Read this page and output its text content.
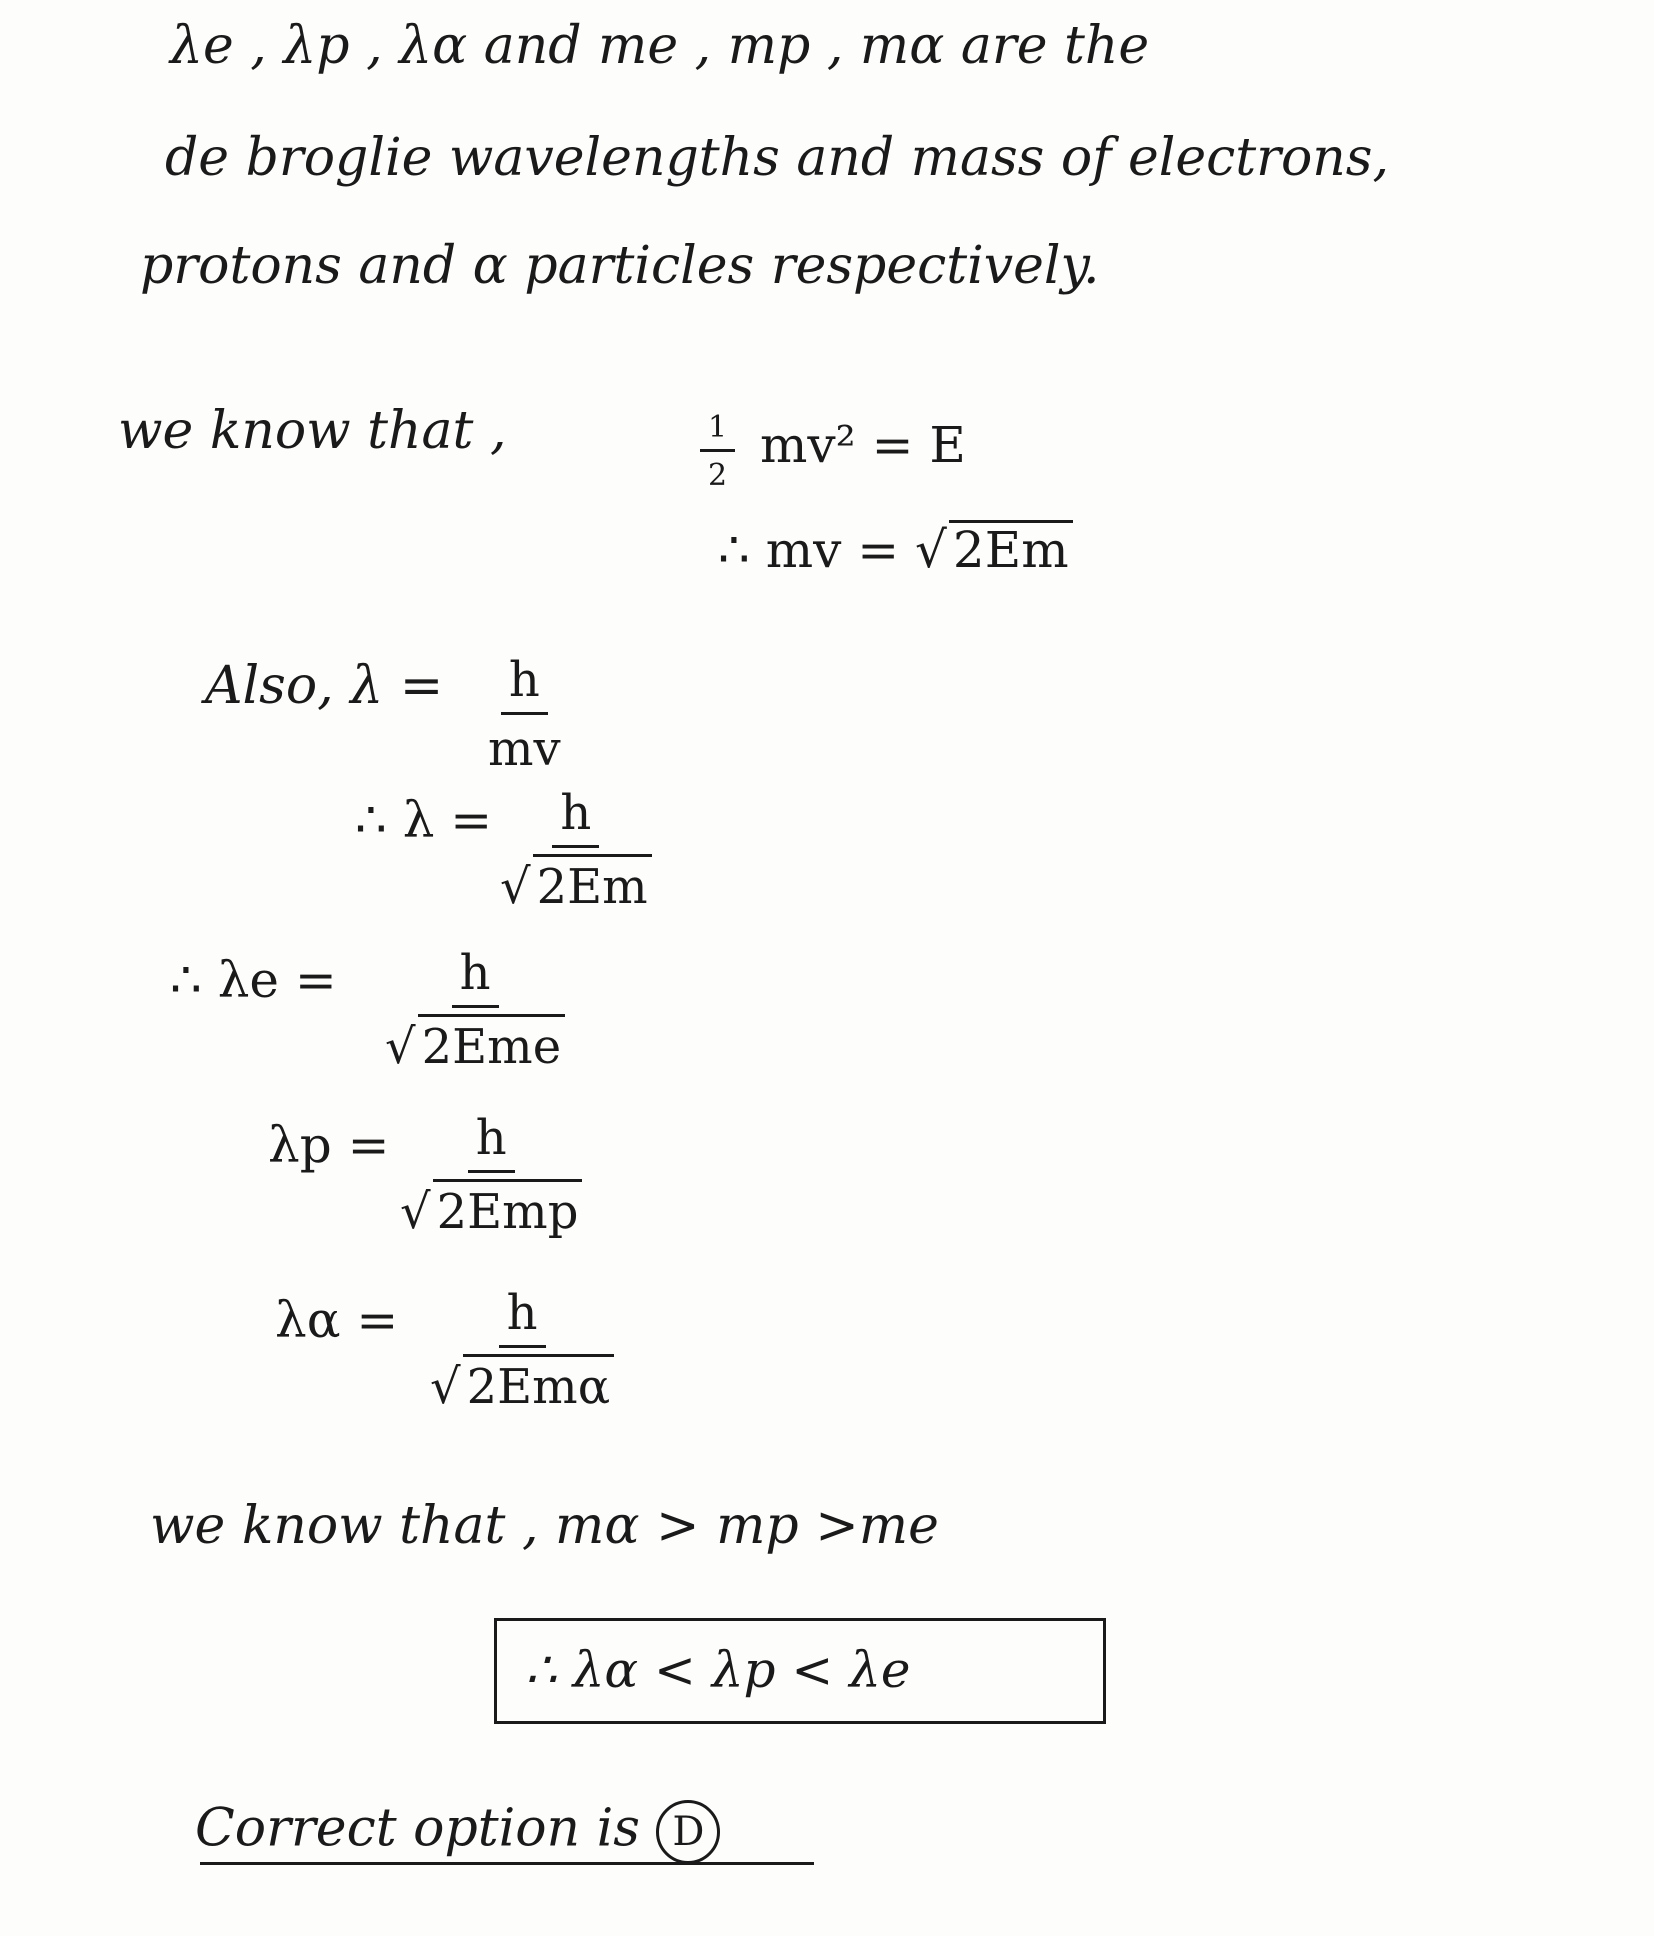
λe , λp , λα and me , mp , mα are the
de broglie wavelengths and mass of electrons,
protons and α particles respectively.
we know that ,	$\frac{1}{2} mv^2 = E$
∴ mv = √ 2Em
Also, $\lambda = \frac{h}{mv}$
∴ $\lambda = \frac{h}{√ 2Em}$
∴ λe =	h
√ 2Eme
λp = h
√ 2Emp
λα = h
√ 2Emα
we know that , mα > mp >me
∴ λα < λp < λe
Correct option is D
